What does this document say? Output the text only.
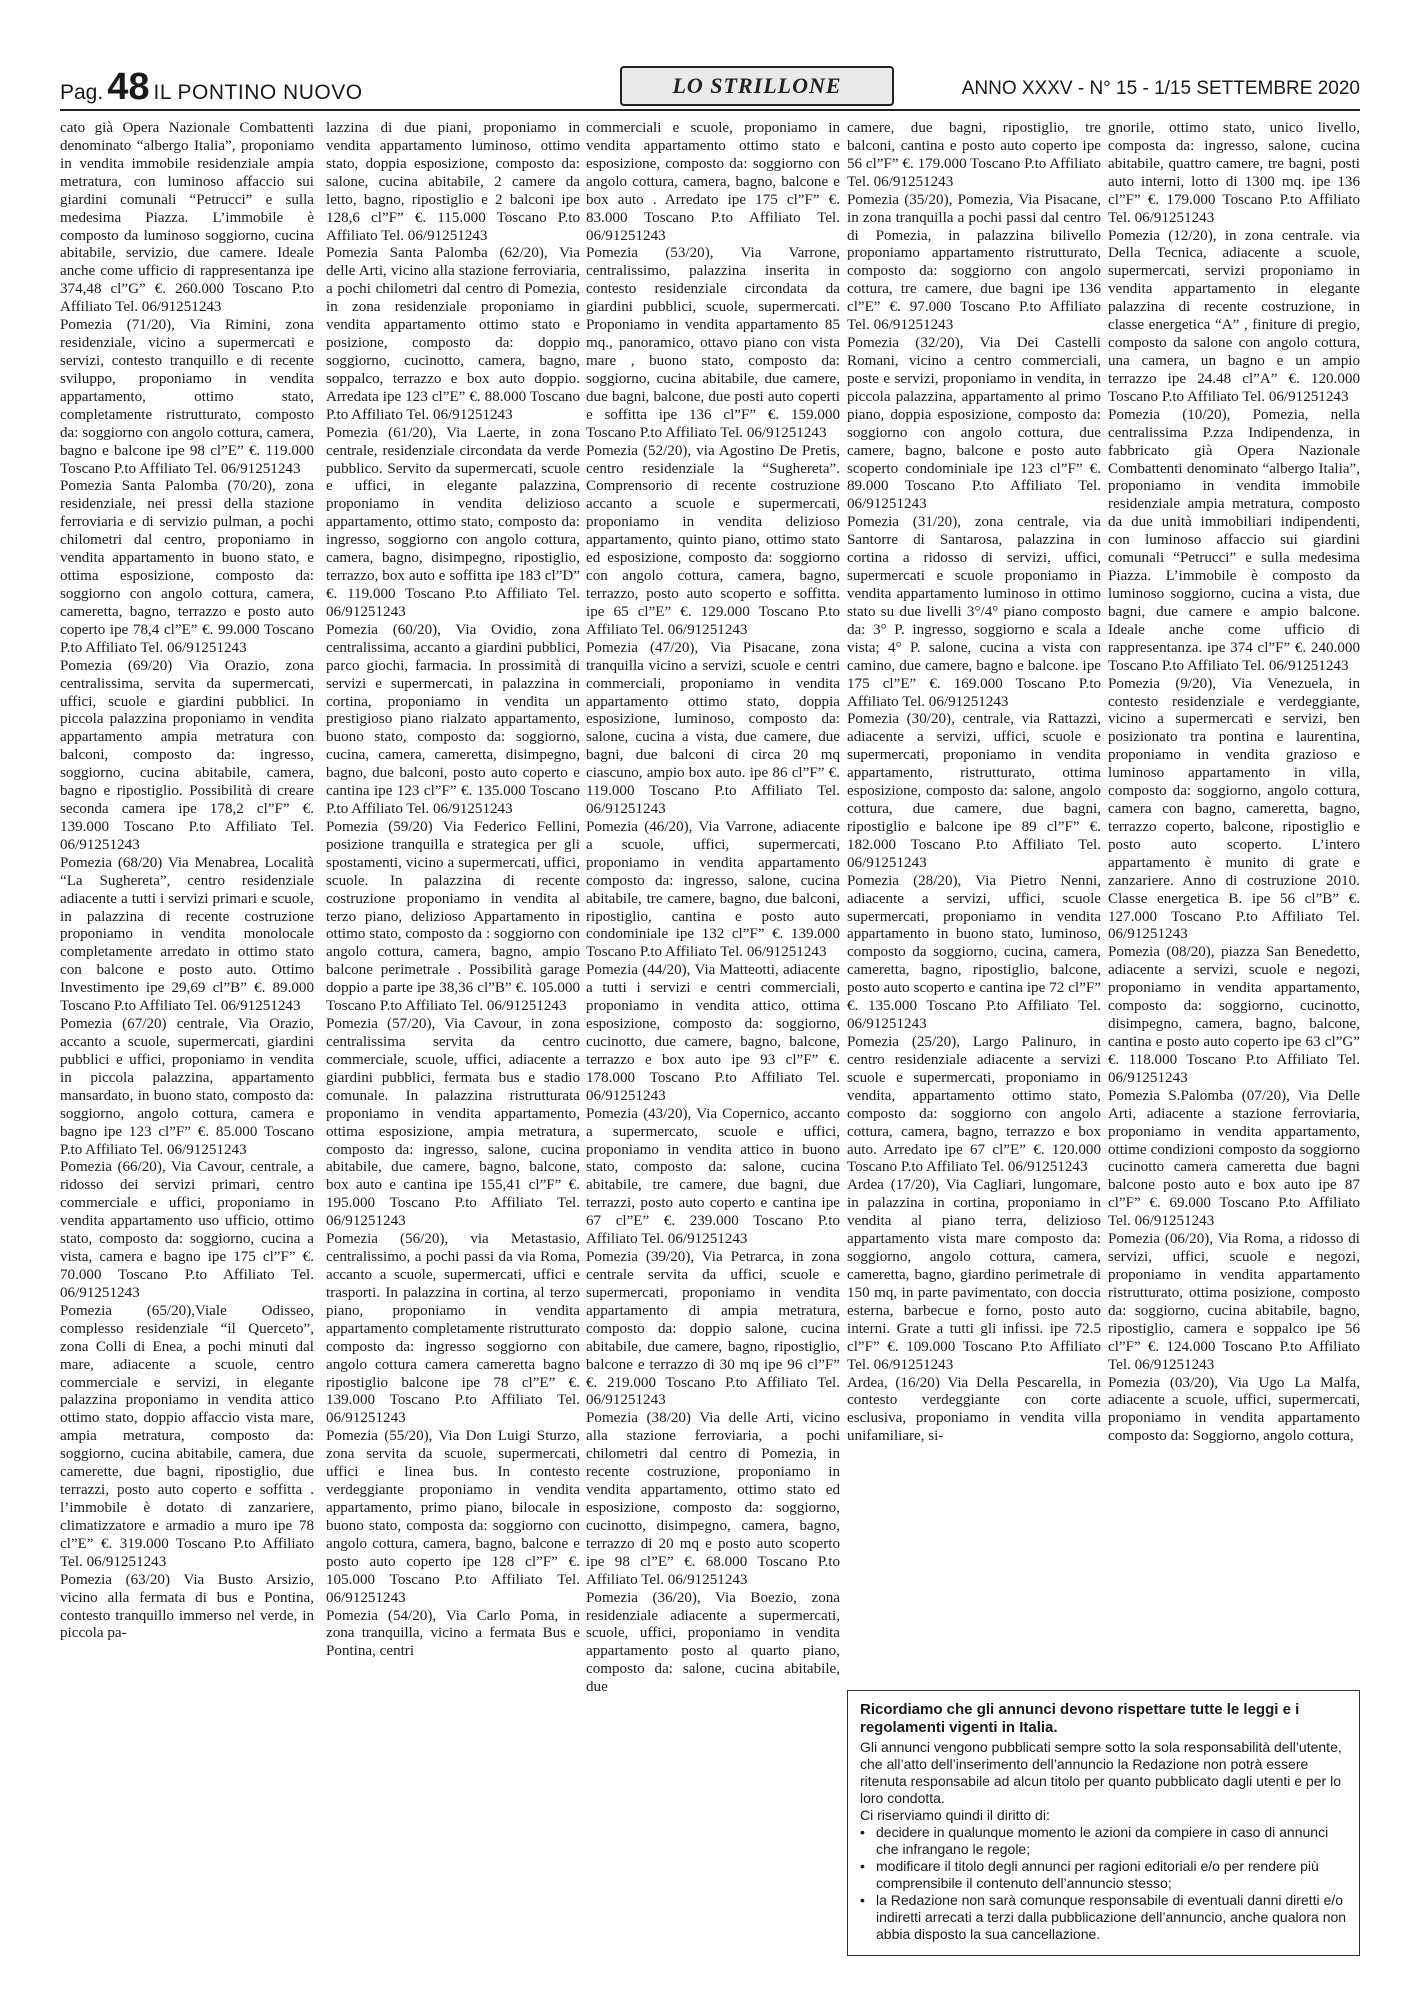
Pag. 48 IL PONTINO NUOVO	LO STRILLONE	ANNO XXXV - N° 15 - 1/15 SETTEMBRE 2020

cato già Opera Nazionale Combattenti denominato “albergo Italia”, proponiamo in vendita immobile residenziale ampia metratura, con luminoso affaccio sui giardini comunali “Petrucci” e sulla medesima Piazza. L’immobile è composto da luminoso soggiorno, cucina abitabile, servizio, due camere. Ideale anche come ufficio di rappresentanza ipe 374,48 cl”G” €. 260.000 Toscano P.to Affiliato Tel. 06/91251243

Pomezia (71/20), Via Rimini, zona residenziale, vicino a supermercati e servizi, contesto tranquillo e di recente sviluppo, proponiamo in vendita appartamento, ottimo stato, completamente ristrutturato, composto da: soggiorno con angolo cottura, camera, bagno e balcone ipe 98 cl”E” €. 119.000 Toscano P.to Affiliato Tel. 06/91251243

Pomezia Santa Palomba (70/20), zona residenziale, nei pressi della stazione ferroviaria e di servizio pulman, a pochi chilometri dal centro, proponiamo in vendita appartamento in buono stato, e ottima esposizione, composto da: soggiorno con angolo cottura, camera, cameretta, bagno, terrazzo e posto auto coperto ipe 78,4 cl”E” €. 99.000 Toscano P.to Affiliato Tel. 06/91251243

Pomezia (69/20) Via Orazio, zona centralissima, servita da supermercati, uffici, scuole e giardini pubblici. In piccola palazzina proponiamo in vendita appartamento ampia metratura con balconi, composto da: ingresso, soggiorno, cucina abitabile, camera, bagno e ripostiglio. Possibilità di creare seconda camera ipe 178,2 cl”F” €. 139.000 Toscano P.to Affiliato Tel. 06/91251243

Pomezia (68/20) Via Menabrea, Località “La Sughereta”, centro residenziale adiacente a tutti i servizi primari e scuole, in palazzina di recente costruzione proponiamo in vendita monolocale completamente arredato in ottimo stato con balcone e posto auto. Ottimo Investimento ipe 29,69 cl”B” €. 89.000 Toscano P.to Affiliato Tel. 06/91251243

Pomezia (67/20) centrale, Via Orazio, accanto a scuole, supermercati, giardini pubblici e uffici, proponiamo in vendita in piccola palazzina, appartamento mansardato, in buono stato, composto da: soggiorno, angolo cottura, camera e bagno ipe 123 cl”F” €. 85.000 Toscano P.to Affiliato Tel. 06/91251243

Pomezia (66/20), Via Cavour, centrale, a ridosso dei servizi primari, centro commerciale e uffici, proponiamo in vendita appartamento uso ufficio, ottimo stato, composto da: soggiorno, cucina a vista, camera e bagno ipe 175 cl”F” €. 70.000 Toscano P.to Affiliato Tel. 06/91251243

Pomezia (65/20),Viale Odisseo, complesso residenziale “il Querceto”, zona Colli di Enea, a pochi minuti dal mare, adiacente a scuole, centro commerciale e servizi, in elegante palazzina proponiamo in vendita attico ottimo stato, doppio affaccio vista mare, ampia metratura, composto da: soggiorno, cucina abitabile, camera, due camerette, due bagni, ripostiglio, due terrazzi, posto auto coperto e soffitta . l’immobile è dotato di zanzariere, climatizzatore e armadio a muro ipe 78 cl”E” €. 319.000 Toscano P.to Affiliato Tel. 06/91251243

Pomezia (63/20) Via Busto Arsizio, vicino alla fermata di bus e Pontina, contesto tranquillo immerso nel verde, in piccola pa-

lazzina di due piani, proponiamo in vendita appartamento luminoso, ottimo stato, doppia esposizione, composto da: salone, cucina abitabile, 2 camere da letto, bagno, ripostiglio e 2 balconi ipe 128,6 cl”F” €. 115.000 Toscano P.to Affiliato Tel. 06/91251243

Pomezia Santa Palomba (62/20), Via delle Arti, vicino alla stazione ferroviaria, a pochi chilometri dal centro di Pomezia, in zona residenziale proponiamo in vendita appartamento ottimo stato e posizione, composto da: doppio soggiorno, cucinotto, camera, bagno, soppalco, terrazzo e box auto doppio. Arredata ipe 123 cl”E” €. 88.000 Toscano P.to Affiliato Tel. 06/91251243

Pomezia (61/20), Via Laerte, in zona centrale, residenziale circondata da verde pubblico. Servito da supermercati, scuole e uffici, in elegante palazzina, proponiamo in vendita delizioso appartamento, ottimo stato, composto da: ingresso, soggiorno con angolo cottura, camera, bagno, disimpegno, ripostiglio, terrazzo, box auto e soffitta ipe 183 cl”D” €. 119.000 Toscano P.to Affiliato Tel. 06/91251243

Pomezia (60/20), Via Ovidio, zona centralissima, accanto a giardini pubblici, parco giochi, farmacia. In prossimità di servizi e supermercati, in palazzina in cortina, proponiamo in vendita un prestigioso piano rialzato appartamento, buono stato, composto da: soggiorno, cucina, camera, cameretta, disimpegno, bagno, due balconi, posto auto coperto e cantina ipe 123 cl”F” €. 135.000 Toscano P.to Affiliato Tel. 06/91251243

Pomezia (59/20) Via Federico Fellini, posizione tranquilla e strategica per gli spostamenti, vicino a supermercati, uffici, scuole. In palazzina di recente costruzione proponiamo in vendita al terzo piano, delizioso Appartamento in ottimo stato, composto da : soggiorno con angolo cottura, camera, bagno, ampio balcone perimetrale . Possibilità garage doppio a parte ipe 38,36 cl”B” €. 105.000 Toscano P.to Affiliato Tel. 06/91251243

Pomezia (57/20), Via Cavour, in zona centralissima servita da centro commerciale, scuole, uffici, adiacente a giardini pubblici, fermata bus e stadio comunale. In palazzina ristrutturata proponiamo in vendita appartamento, ottima esposizione, ampia metratura, composto da: ingresso, salone, cucina abitabile, due camere, bagno, balcone, box auto e cantina ipe 155,41 cl”F” €. 195.000 Toscano P.to Affiliato Tel. 06/91251243

Pomezia (56/20), via Metastasio, centralissimo, a pochi passi da via Roma, accanto a scuole, supermercati, uffici e trasporti. In palazzina in cortina, al terzo piano, proponiamo in vendita appartamento completamente ristrutturato composto da: ingresso soggiorno con angolo cottura camera cameretta bagno ripostiglio balcone ipe 78 cl”E” €. 139.000 Toscano P.to Affiliato Tel. 06/91251243

Pomezia (55/20), Via Don Luigi Sturzo, zona servita da scuole, supermercati, uffici e linea bus. In contesto verdeggiante proponiamo in vendita appartamento, primo piano, bilocale in buono stato, composta da: soggiorno con angolo cottura, camera, bagno, balcone e posto auto coperto ipe 128 cl”F” €. 105.000 Toscano P.to Affiliato Tel. 06/91251243

Pomezia (54/20), Via Carlo Poma, in zona tranquilla, vicino a fermata Bus e Pontina, centri

commerciali e scuole, proponiamo in vendita appartamento ottimo stato e esposizione, composto da: soggiorno con angolo cottura, camera, bagno, balcone e box auto . Arredato ipe 175 cl”F” €. 83.000 Toscano P.to Affiliato Tel. 06/91251243

Pomezia (53/20), Via Varrone, centralissimo, palazzina inserita in contesto residenziale circondata da giardini pubblici, scuole, supermercati. Proponiamo in vendita appartamento 85 mq., panoramico, ottavo piano con vista mare , buono stato, composto da: soggiorno, cucina abitabile, due camere, due bagni, balcone, due posti auto coperti e soffitta ipe 136 cl”F” €. 159.000 Toscano P.to Affiliato Tel. 06/91251243

Pomezia (52/20), via Agostino De Pretis, centro residenziale la “Sughereta”. Comprensorio di recente costruzione accanto a scuole e supermercati, proponiamo in vendita delizioso appartamento, quinto piano, ottimo stato ed esposizione, composto da: soggiorno con angolo cottura, camera, bagno, terrazzo, posto auto scoperto e soffitta. ipe 65 cl”E” €. 129.000 Toscano P.to Affiliato Tel. 06/91251243

Pomezia (47/20), Via Pisacane, zona tranquilla vicino a servizi, scuole e centri commerciali, proponiamo in vendita appartamento ottimo stato, doppia esposizione, luminoso, composto da: salone, cucina a vista, due camere, due bagni, due balconi di circa 20 mq ciascuno, ampio box auto. ipe 86 cl”F” €. 119.000 Toscano P.to Affiliato Tel. 06/91251243

Pomezia (46/20), Via Varrone, adiacente a scuole, uffici, supermercati, proponiamo in vendita appartamento composto da: ingresso, salone, cucina abitabile, tre camere, bagno, due balconi, ripostiglio, cantina e posto auto condominiale ipe 132 cl”F” €. 139.000 Toscano P.to Affiliato Tel. 06/91251243

Pomezia (44/20), Via Matteotti, adiacente a tutti i servizi e centri commerciali, proponiamo in vendita attico, ottima esposizione, composto da: soggiorno, cucinotto, due camere, bagno, balcone, terrazzo e box auto ipe 93 cl”F” €. 178.000 Toscano P.to Affiliato Tel. 06/91251243

Pomezia (43/20), Via Copernico, accanto a supermercato, scuole e uffici, proponiamo in vendita attico in buono stato, composto da: salone, cucina abitabile, tre camere, due bagni, due terrazzi, posto auto coperto e cantina ipe 67 cl”E” €. 239.000 Toscano P.to Affiliato Tel. 06/91251243

Pomezia (39/20), Via Petrarca, in zona centrale servita da uffici, scuole e supermercati, proponiamo in vendita appartamento di ampia metratura, composto da: doppio salone, cucina abitabile, due camere, bagno, ripostiglio, balcone e terrazzo di 30 mq ipe 96 cl”F” €. 219.000 Toscano P.to Affiliato Tel. 06/91251243

Pomezia (38/20) Via delle Arti, vicino alla stazione ferroviaria, a pochi chilometri dal centro di Pomezia, in recente costruzione, proponiamo in vendita appartamento, ottimo stato ed esposizione, composto da: soggiorno, cucinotto, disimpegno, camera, bagno, terrazzo di 20 mq e posto auto scoperto ipe 98 cl”E” €. 68.000 Toscano P.to Affiliato Tel. 06/91251243

Pomezia (36/20), Via Boezio, zona residenziale adiacente a supermercati, scuole, uffici, proponiamo in vendita appartamento posto al quarto piano, composto da: salone, cucina abitabile, due

camere, due bagni, ripostiglio, tre balconi, cantina e posto auto coperto ipe 56 cl”F” €. 179.000 Toscano P.to Affiliato Tel. 06/91251243

Pomezia (35/20), Pomezia, Via Pisacane, in zona tranquilla a pochi passi dal centro di Pomezia, in palazzina bilivello proponiamo appartamento ristrutturato, composto da: soggiorno con angolo cottura, tre camere, due bagni ipe 136 cl”E” €. 97.000 Toscano P.to Affiliato Tel. 06/91251243

Pomezia (32/20), Via Dei Castelli Romani, vicino a centro commerciali, poste e servizi, proponiamo in vendita, in piccola palazzina, appartamento al primo piano, doppia esposizione, composto da: soggiorno con angolo cottura, due camere, bagno, balcone e posto auto scoperto condominiale ipe 123 cl”F” €. 89.000 Toscano P.to Affiliato Tel. 06/91251243

Pomezia (31/20), zona centrale, via Santorre di Santarosa, palazzina in cortina a ridosso di servizi, uffici, supermercati e scuole proponiamo in vendita appartamento luminoso in ottimo stato su due livelli 3°/4° piano composto da: 3° P. ingresso, soggiorno e scala a vista; 4° P. salone, cucina a vista con camino, due camere, bagno e balcone. ipe 175 cl”E” €. 169.000 Toscano P.to Affiliato Tel. 06/91251243

Pomezia (30/20), centrale, via Rattazzi, adiacente a servizi, uffici, scuole e supermercati, proponiamo in vendita appartamento, ristrutturato, ottima esposizione, composto da: salone, angolo cottura, due camere, due bagni, ripostiglio e balcone ipe 89 cl”F” €. 182.000 Toscano P.to Affiliato Tel. 06/91251243

Pomezia (28/20), Via Pietro Nenni, adiacente a servizi, uffici, scuole supermercati, proponiamo in vendita appartamento in buono stato, luminoso, composto da soggiorno, cucina, camera, cameretta, bagno, ripostiglio, balcone, posto auto scoperto e cantina ipe 72 cl”F” €. 135.000 Toscano P.to Affiliato Tel. 06/91251243

Pomezia (25/20), Largo Palinuro, in centro residenziale adiacente a servizi scuole e supermercati, proponiamo in vendita, appartamento ottimo stato, composto da: soggiorno con angolo cottura, camera, bagno, terrazzo e box auto. Arredato ipe 67 cl”E” €. 120.000 Toscano P.to Affiliato Tel. 06/91251243

Ardea (17/20), Via Cagliari, lungomare, in palazzina in cortina, proponiamo in vendita al piano terra, delizioso appartamento vista mare composto da: soggiorno, angolo cottura, camera, cameretta, bagno, giardino perimetrale di 150 mq, in parte pavimentato, con doccia esterna, barbecue e forno, posto auto interni. Grate a tutti gli infissi. ipe 72.5 cl”F” €. 109.000 Toscano P.to Affiliato Tel. 06/91251243

Ardea, (16/20) Via Della Pescarella, in contesto verdeggiante con corte esclusiva, proponiamo in vendita villa unifamiliare, si-

gnorile, ottimo stato, unico livello, composta da: ingresso, salone, cucina abitabile, quattro camere, tre bagni, posti auto interni, lotto di 1300 mq. ipe 136 cl”F” €. 179.000 Toscano P.to Affiliato Tel. 06/91251243

Pomezia (12/20), in zona centrale. via Della Tecnica, adiacente a scuole, supermercati, servizi proponiamo in vendita appartamento in elegante palazzina di recente costruzione, in classe energetica “A” , finiture di pregio, composto da salone con angolo cottura, una camera, un bagno e un ampio terrazzo ipe 24.48 cl”A” €. 120.000 Toscano P.to Affiliato Tel. 06/91251243

Pomezia (10/20), Pomezia, nella centralissima P.zza Indipendenza, in fabbricato già Opera Nazionale Combattenti denominato “albergo Italia”, proponiamo in vendita immobile residenziale ampia metratura, composto da due unità immobiliari indipendenti, con luminoso affaccio sui giardini comunali “Petrucci” e sulla medesima Piazza. L’immobile è composto da luminoso soggiorno, cucina a vista, due bagni, due camere e ampio balcone. Ideale anche come ufficio di rappresentanza. ipe 374 cl”F” €. 240.000 Toscano P.to Affiliato Tel. 06/91251243

Pomezia (9/20), Via Venezuela, in contesto residenziale e verdeggiante, vicino a supermercati e servizi, ben posizionato tra pontina e laurentina, proponiamo in vendita grazioso e luminoso appartamento in villa, composto da: soggiorno, angolo cottura, camera con bagno, cameretta, bagno, terrazzo coperto, balcone, ripostiglio e posto auto scoperto. L’intero appartamento è munito di grate e zanzariere. Anno di costruzione 2010. Classe energetica B. ipe 56 cl”B” €. 127.000 Toscano P.to Affiliato Tel. 06/91251243

Pomezia (08/20), piazza San Benedetto, adiacente a servizi, scuole e negozi, proponiamo in vendita appartamento, composto da: soggiorno, cucinotto, disimpegno, camera, bagno, balcone, cantina e posto auto coperto ipe 63 cl”G” €. 118.000 Toscano P.to Affiliato Tel. 06/91251243

Pomezia S.Palomba (07/20), Via Delle Arti, adiacente a stazione ferroviaria, proponiamo in vendita appartamento, ottime condizioni composto da soggiorno cucinotto camera cameretta due bagni balcone posto auto e box auto ipe 87 cl”F” €. 69.000 Toscano P.to Affiliato Tel. 06/91251243

Pomezia (06/20), Via Roma, a ridosso di servizi, uffici, scuole e negozi, proponiamo in vendita appartamento ristrutturato, ottima posizione, composto da: soggiorno, cucina abitabile, bagno, ripostiglio, camera e soppalco ipe 56 cl”F” €. 124.000 Toscano P.to Affiliato Tel. 06/91251243

Pomezia (03/20), Via Ugo La Malfa, adiacente a scuole, uffici, supermercati, proponiamo in vendita appartamento composto da: Soggiorno, angolo cottura,

Ricordiamo che gli annunci devono rispettare tutte le leggi e i regolamenti vigenti in Italia.

Gli annunci vengono pubblicati sempre sotto la sola responsabilità dell’utente, che all’atto dell’inserimento dell’annuncio la Redazione non potrà essere ritenuta responsabile ad alcun titolo per quanto pubblicato dagli utenti e per lo loro condotta.

Ci riserviamo quindi il diritto di:

• decidere in qualunque momento le azioni da compiere in caso di annunci che infrangano le regole;
• modificare il titolo degli annunci per ragioni editoriali e/o per rendere più comprensibile il contenuto dell’annuncio stesso;
• la Redazione non sarà comunque responsabile di eventuali danni diretti e/o indiretti arrecati a terzi dalla pubblicazione dell’annuncio, anche qualora non abbia disposto la sua cancellazione.
